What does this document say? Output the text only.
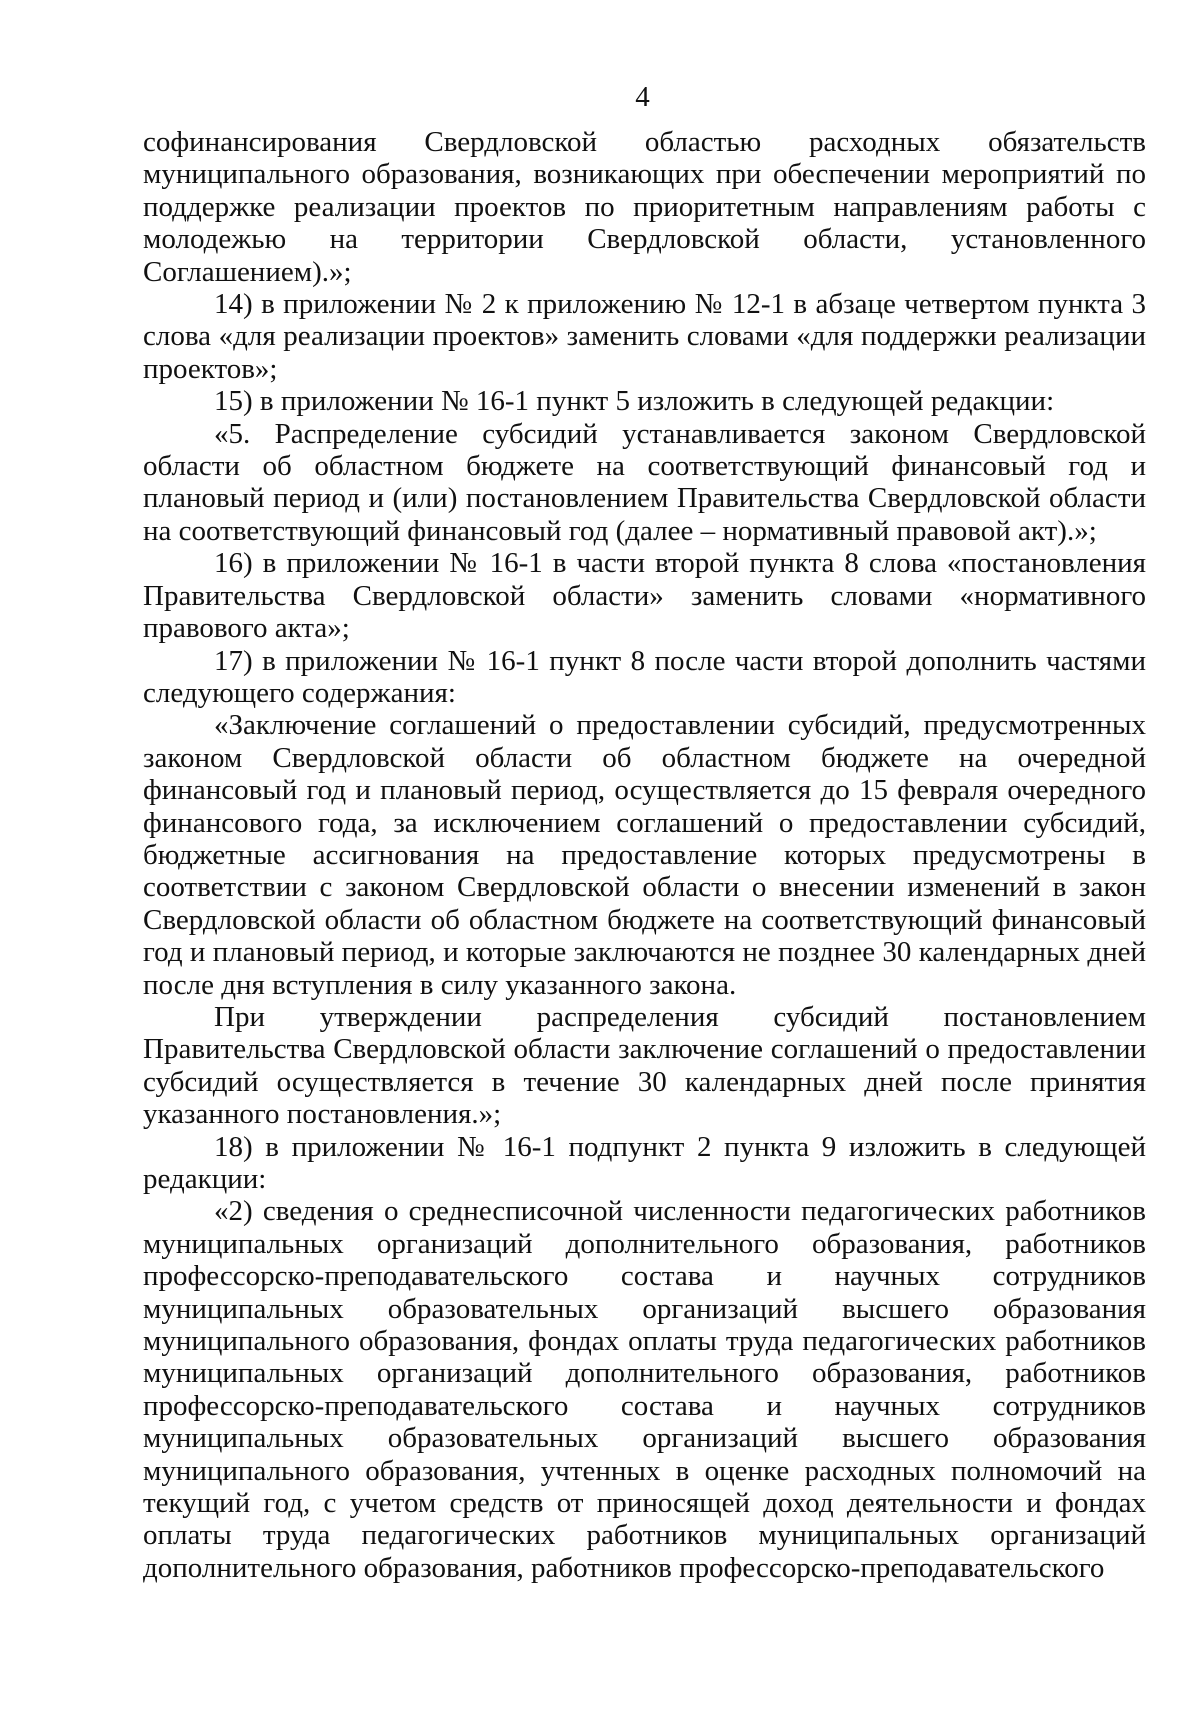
4

софинансирования Свердловской областью расходных обязательств муниципального образования, возникающих при обеспечении мероприятий по поддержке реализации проектов по приоритетным направлениям работы с молодежью на территории Свердловской области, установленного Соглашением).»;

14) в приложении № 2 к приложению № 12-1 в абзаце четвертом пункта 3 слова «для реализации проектов» заменить словами «для поддержки реализации проектов»;

15) в приложении № 16-1 пункт 5 изложить в следующей редакции:

«5. Распределение субсидий устанавливается законом Свердловской области об областном бюджете на соответствующий финансовый год и плановый период и (или) постановлением Правительства Свердловской области на соответствующий финансовый год (далее – нормативный правовой акт).»;

16) в приложении № 16-1 в части второй пункта 8 слова «постановления Правительства Свердловской области» заменить словами «нормативного правового акта»;

17) в приложении № 16-1 пункт 8 после части второй дополнить частями следующего содержания:

«Заключение соглашений о предоставлении субсидий, предусмотренных законом Свердловской области об областном бюджете на очередной финансовый год и плановый период, осуществляется до 15 февраля очередного финансового года, за исключением соглашений о предоставлении субсидий, бюджетные ассигнования на предоставление которых предусмотрены в соответствии с законом Свердловской области о внесении изменений в закон Свердловской области об областном бюджете на соответствующий финансовый год и плановый период, и которые заключаются не позднее 30 календарных дней после дня вступления в силу указанного закона.

При утверждении распределения субсидий постановлением Правительства Свердловской области заключение соглашений о предоставлении субсидий осуществляется в течение 30 календарных дней после принятия указанного постановления.»;

18) в приложении № 16-1 подпункт 2 пункта 9 изложить в следующей редакции:

«2) сведения о среднесписочной численности педагогических работников муниципальных организаций дополнительного образования, работников профессорско-преподавательского состава и научных сотрудников муниципальных образовательных организаций высшего образования муниципального образования, фондах оплаты труда педагогических работников муниципальных организаций дополнительного образования, работников профессорско-преподавательского состава и научных сотрудников муниципальных образовательных организаций высшего образования муниципального образования, учтенных в оценке расходных полномочий на текущий год, с учетом средств от приносящей доход деятельности и фондах оплаты труда педагогических работников муниципальных организаций дополнительного образования, работников профессорско-преподавательского
